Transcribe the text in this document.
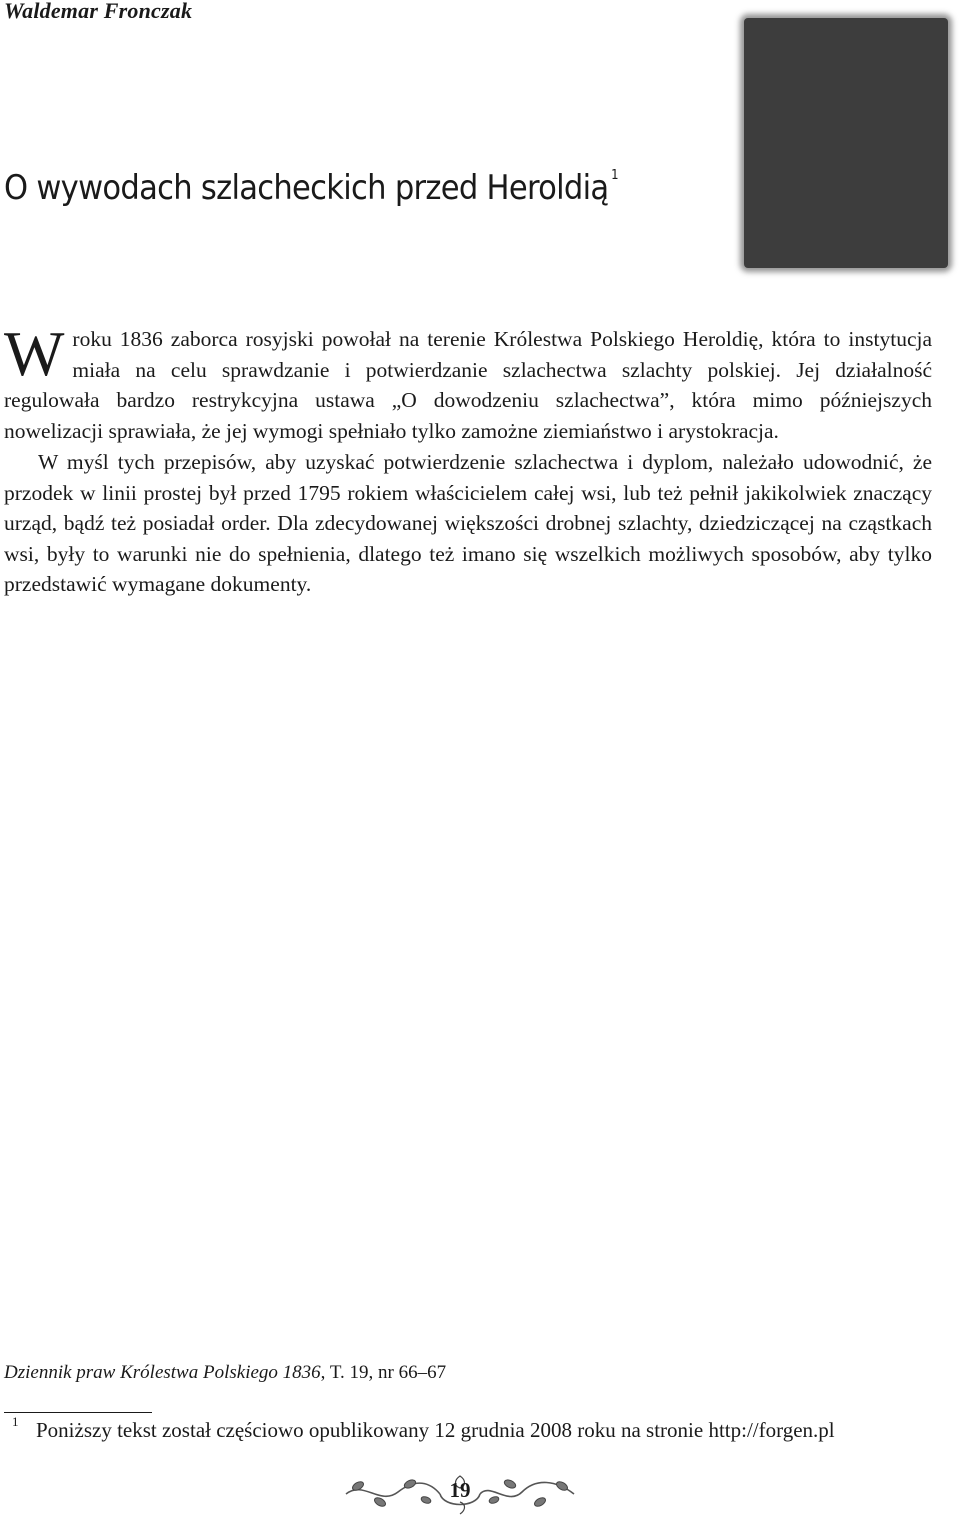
Waldemar Fronczak
O wywodach szlacheckich przed Heroldią $^1$

Wroku 1836 zaborca rosyjski powołał na terenie Królestwa Polskiego Heroldię, która to instytucja miała na celu sprawdzanie i potwierdzanie szlachectwa szlachty polskiej. Jej działalność regulowała bardzo restrykcyjna ustawa „O dowodzeniu szlachectwa”, która mimo późniejszych nowelizacji sprawiała, że jej wymogi spełniało tylko zamożne ziemiaństwo i arystokracja.

W myśl tych przepisów, aby uzyskać potwierdzenie szlachectwa i dyplom, należało udowodnić, że przodek w linii prostej był przed 1795 rokiem właścicielem całej wsi, lub też pełnił jakikolwiek znaczący urząd, bądź też posiadał order. Dla zdecydowanej większości drobnej szlachty, dziedziczącej na cząstkach wsi, były to warunki nie do spełnienia, dlatego też imano się wszelkich możliwych sposobów, aby tylko przedstawić wymagane dokumenty.

Dziennik praw Królestwa Polskiego 1836, T. 19, nr 66–67

1 Poniższy tekst został częściowo opublikowany 12 grudnia 2008 roku na stronie http://forgen.pl

19
